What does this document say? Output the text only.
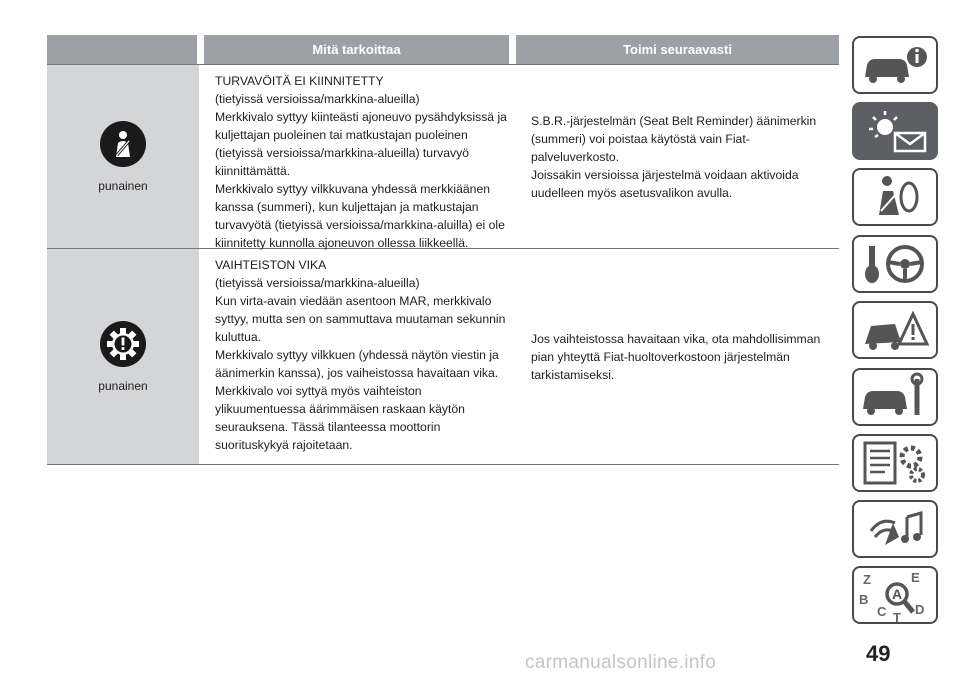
Mitä tarkoittaa	Toimi seuraavasti
punainen

TURVAVÖITÄ EI KIINNITETTY

(tietyissä versioissa/markkina-alueilla)

Merkkivalo syttyy kiinteästi ajoneuvo pysähdyksissä ja

kuljettajan puoleinen tai matkustajan puoleinen

(tietyissä versioissa/markkina-alueilla) turvavyö

kiinnittämättä.

Merkkivalo syttyy vilkkuvana yhdessä merkkiäänen

kanssa (summeri), kun kuljettajan ja matkustajan

turvavyötä (tietyissä versioissa/markkina-aluilla) ei ole

kiinnitetty kunnolla ajoneuvon ollessa liikkeellä.

S.B.R.-järjestelmän (Seat Belt Reminder) äänimerkin

(summeri) voi poistaa käytöstä vain Fiat-

palveluverkosto.

Joissakin versioissa järjestelmä voidaan aktivoida

uudelleen myös asetusvalikon avulla.

punainen

VAIHTEISTON VIKA

(tietyissä versioissa/markkina-alueilla)

Kun virta-avain viedään asentoon MAR, merkkivalo

syttyy, mutta sen on sammuttava muutaman sekunnin

kuluttua.

Merkkivalo syttyy vilkkuen (yhdessä näytön viestin ja

äänimerkin kanssa), jos vaiheistossa havaitaan vika.

Merkkivalo voi syttyä myös vaihteiston

ylikuumentuessa äärimmäisen raskaan käytön

seurauksena. Tässä tilanteessa moottorin

suorituskykyä rajoitetaan.

Jos vaihteistossa havaitaan vika, ota mahdollisimman

pian yhteyttä Fiat-huoltoverkostoon järjestelmän

tarkistamiseksi.

Z	E
B
C D
T
A
49
carmanualsonline.info
